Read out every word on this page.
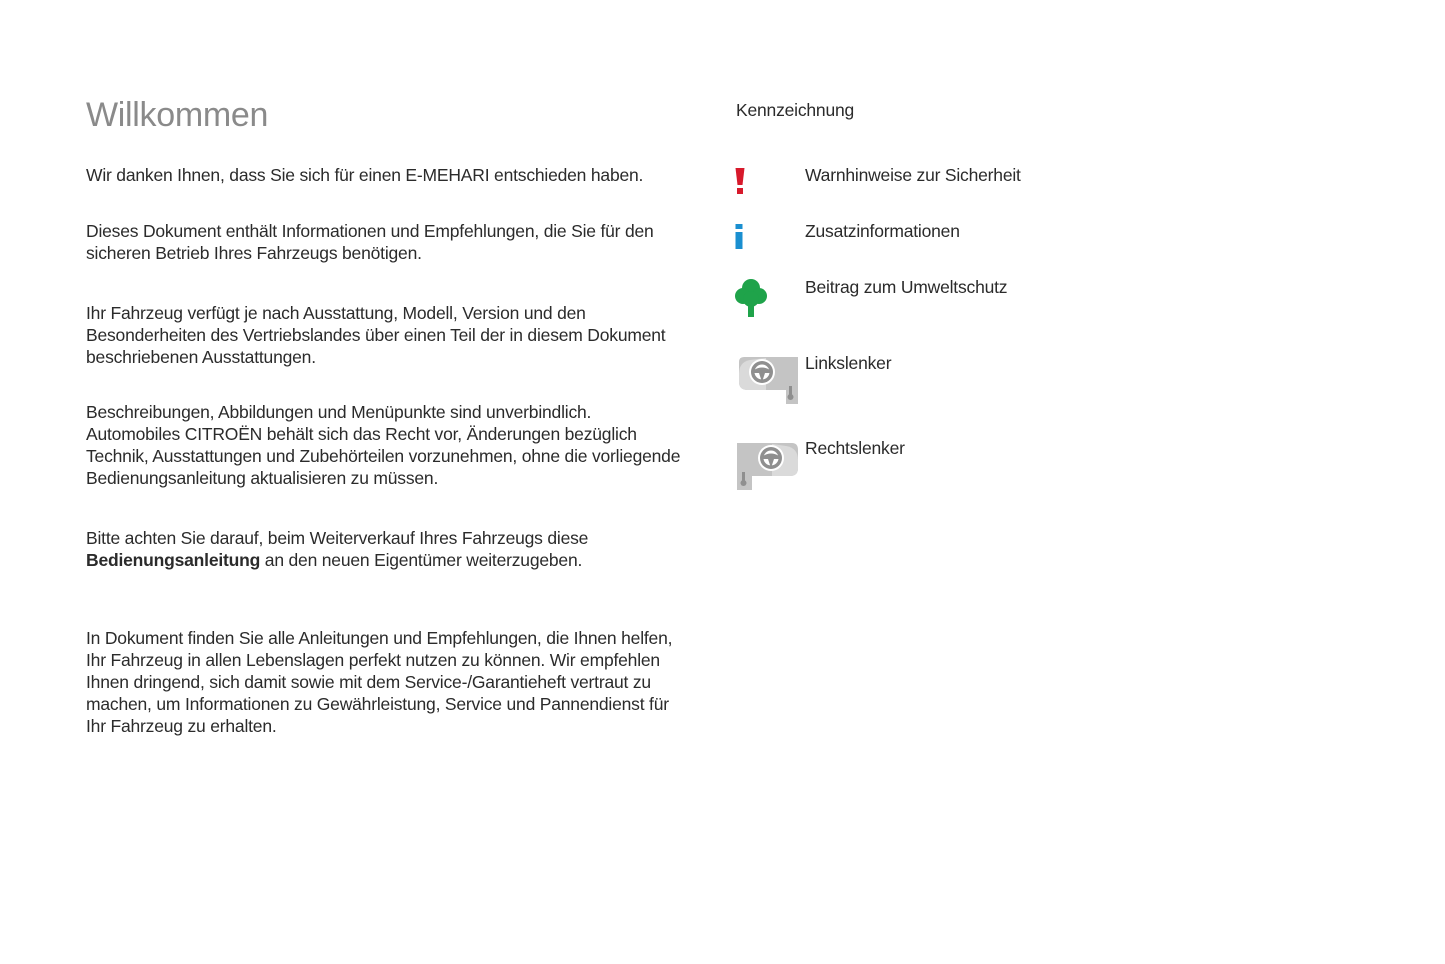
Willkommen

Wir danken Ihnen, dass Sie sich für einen E-MEHARI entschieden haben.

Dieses Dokument enthält Informationen und Empfehlungen, die Sie für den sicheren Betrieb Ihres Fahrzeugs benötigen.

Ihr Fahrzeug verfügt je nach Ausstattung, Modell, Version und den Besonderheiten des Vertriebslandes über einen Teil der in diesem Dokument beschriebenen Ausstattungen.

Beschreibungen, Abbildungen und Menüpunkte sind unverbindlich. Automobiles CITROËN behält sich das Recht vor, Änderungen bezüglich Technik, Ausstattungen und Zubehörteilen vorzunehmen, ohne die vorliegende Bedienungsanleitung aktualisieren zu müssen.

Bitte achten Sie darauf, beim Weiterverkauf Ihres Fahrzeugs diese Bedienungsanleitung an den neuen Eigentümer weiterzugeben.

In Dokument finden Sie alle Anleitungen und Empfehlungen, die Ihnen helfen, Ihr Fahrzeug in allen Lebenslagen perfekt nutzen zu können. Wir empfehlen Ihnen dringend, sich damit sowie mit dem Service-/Garantieheft vertraut zu machen, um Informationen zu Gewährleistung, Service und Pannendienst für Ihr Fahrzeug zu erhalten.

Kennzeichnung
Warnhinweise zur Sicherheit
Zusatzinformationen
Beitrag zum Umweltschutz
Linkslenker
Rechtslenker
